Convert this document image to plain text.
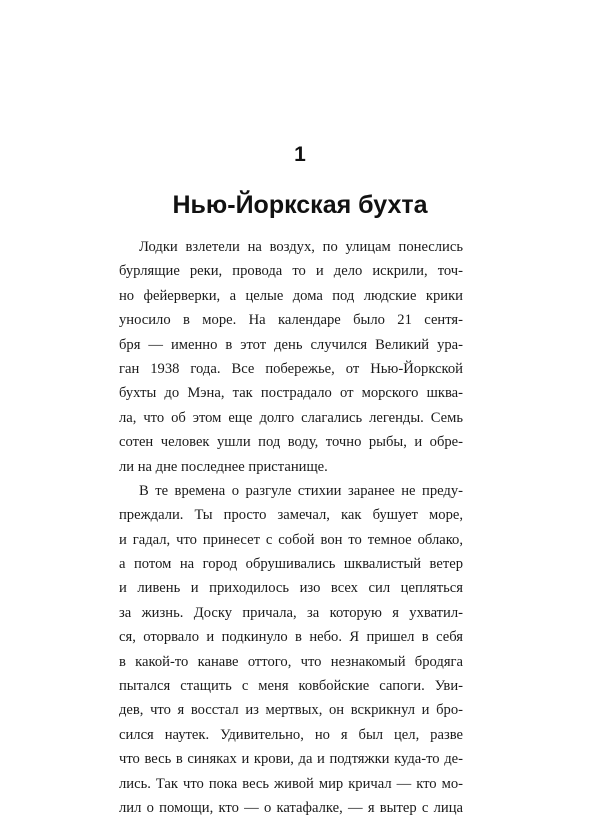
1
Нью-Йоркская бухта
Лодки взлетели на воздух, по улицам понеслись
бурлящие реки, провода то и дело искрили, точ-
но фейерверки, а целые дома под людские крики
уносило в море. На календаре было 21 сентя-
бря — именно в этот день случился Великий ура-
ган 1938 года. Все побережье, от Нью-Йоркской
бухты до Мэна, так пострадало от морского шква-
ла, что об этом еще долго слагались легенды. Семь
сотен человек ушли под воду, точно рыбы, и обре-
ли на дне последнее пристанище.
В те времена о разгуле стихии заранее не преду-
преждали. Ты просто замечал, как бушует море,
и гадал, что принесет с собой вон то темное облако,
а потом на город обрушивались шквалистый ветер
и ливень и приходилось изо всех сил цепляться
за жизнь. Доску причала, за которую я ухватил-
ся, оторвало и подкинуло в небо. Я пришел в себя
в какой-то канаве оттого, что незнакомый бродяга
пытался стащить с меня ковбойские сапоги. Уви-
дев, что я восстал из мертвых, он вскрикнул и бро-
сился наутек. Удивительно, но я был цел, разве
что весь в синяках и крови, да и подтяжки куда-то де-
лись. Так что пока весь живой мир кричал — кто мо-
лил о помощи, кто — о катафалке, — я вытер с лица
